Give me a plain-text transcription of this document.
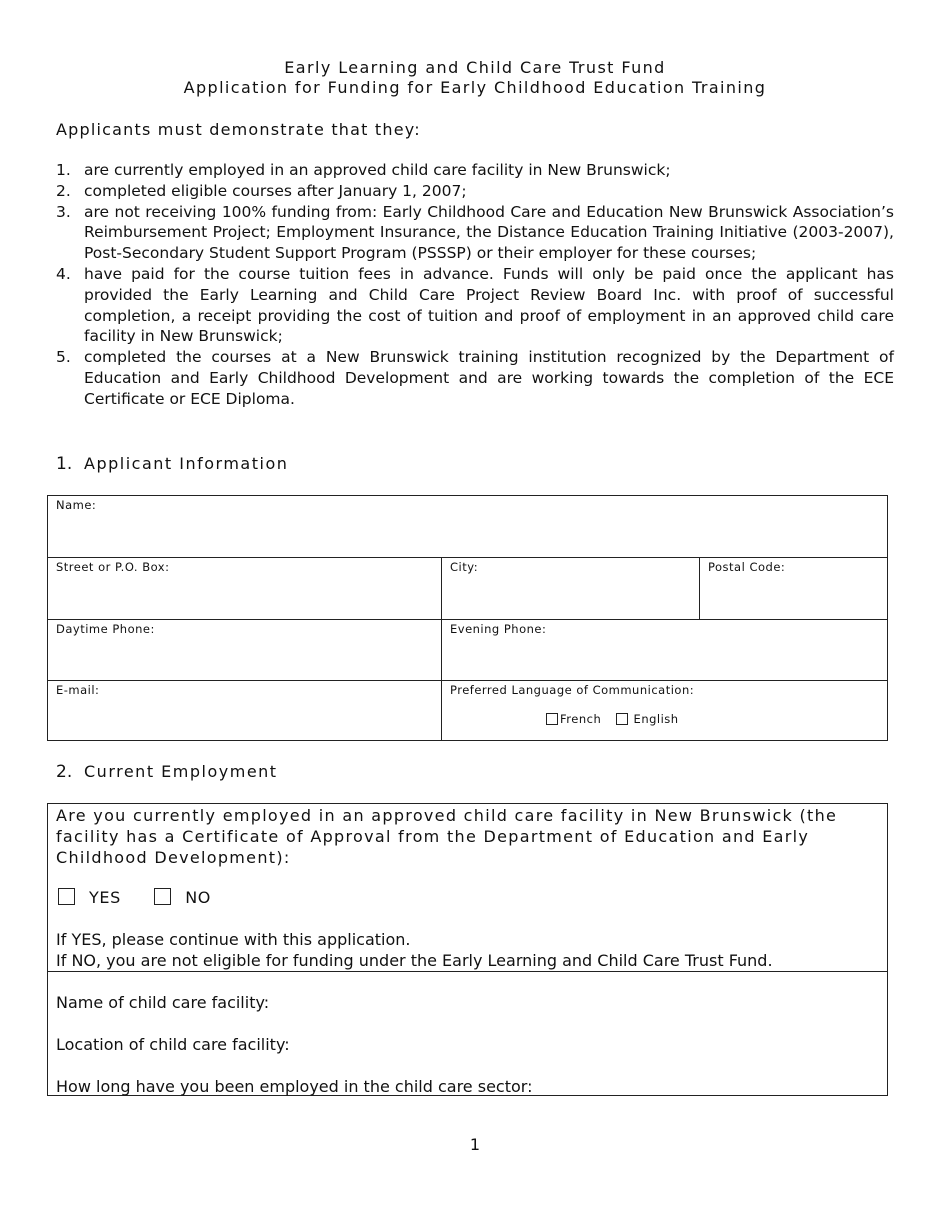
Early Learning and Child Care Trust Fund
Application for Funding for Early Childhood Education Training
Applicants must demonstrate that they:
1. are currently employed in an approved child care facility in New Brunswick;
2. completed eligible courses after January 1, 2007;
3. are not receiving 100% funding from: Early Childhood Care and Education New Brunswick Association’s Reimbursement Project; Employment Insurance, the Distance Education Training Initiative (2003-2007), Post-Secondary Student Support Program (PSSSP) or their employer for these courses;
4. have paid for the course tuition fees in advance. Funds will only be paid once the applicant has provided the Early Learning and Child Care Project Review Board Inc. with proof of successful completion, a receipt providing the cost of tuition and proof of employment in an approved child care facility in New Brunswick;
5. completed the courses at a New Brunswick training institution recognized by the Department of Education and Early Childhood Development and are working towards the completion of the ECE Certificate or ECE Diploma.
1. Applicant Information
Name:
Street or P.O. Box:	City:	Postal Code:
Daytime Phone:	Evening Phone:
E-mail:	Preferred Language of Communication:
French	English
2. Current Employment
Are you currently employed in an approved child care facility in New Brunswick (the facility has a Certificate of Approval from the Department of Education and Early Childhood Development):
YES	NO
If YES, please continue with this application.
If NO, you are not eligible for funding under the Early Learning and Child Care Trust Fund.
Name of child care facility:
Location of child care facility:
How long have you been employed in the child care sector:
1
